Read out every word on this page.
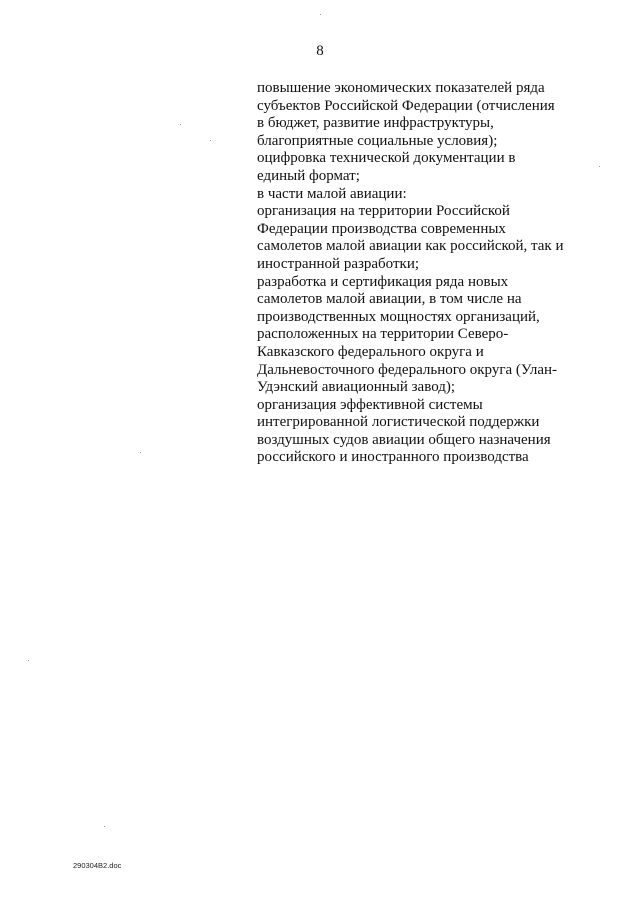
8
повышение экономических показателей ряда
субъектов Российской Федерации (отчисления
в бюджет, развитие инфраструктуры,
благоприятные социальные условия);
оцифровка технической документации в
единый формат;
в части малой авиации:
организация на территории Российской
Федерации производства современных
самолетов малой авиации как российской, так и
иностранной разработки;
разработка и сертификация ряда новых
самолетов малой авиации, в том числе на
производственных мощностях организаций,
расположенных на территории Северо-
Кавказского федерального округа и
Дальневосточного федерального округа (Улан-
Удэнский авиационный завод);
организация эффективной системы
интегрированной логистической поддержки
воздушных судов авиации общего назначения
российского и иностранного производства
290304В2.doc
